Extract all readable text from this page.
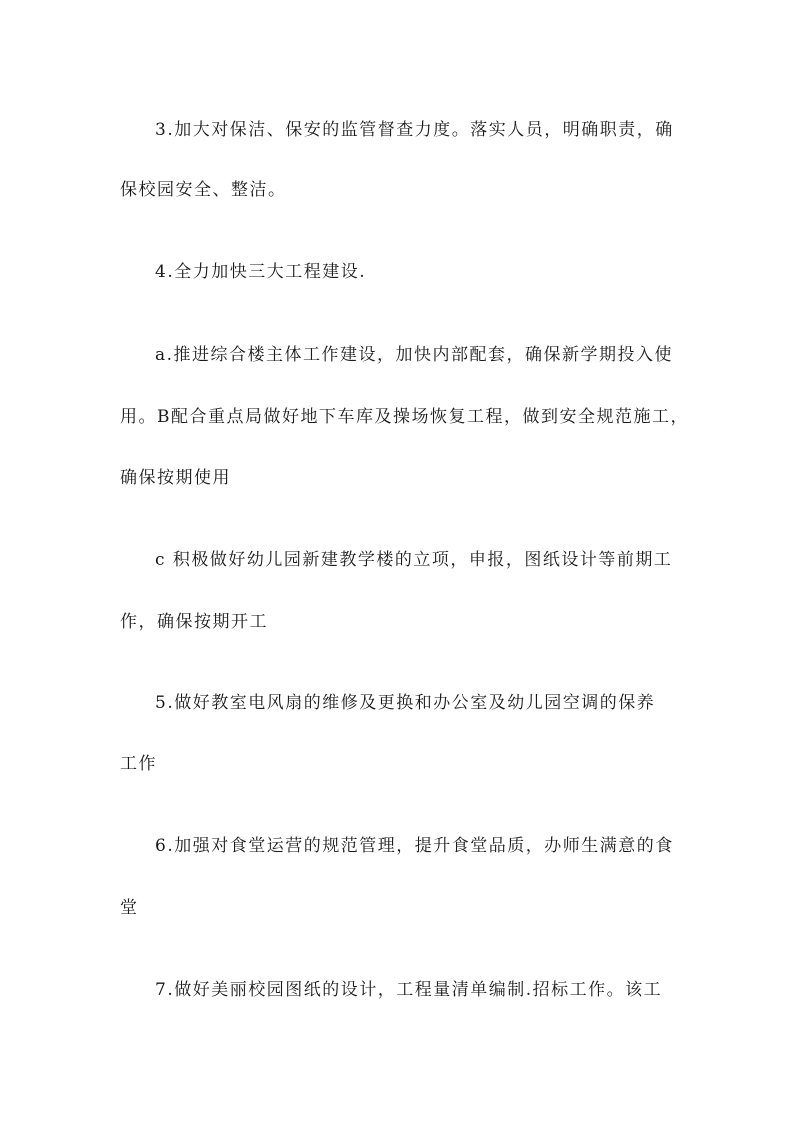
3.加大对保洁、保安的监管督查力度。落实人员，明确职责，确
保校园安全、整洁。
4.全力加快三大工程建设.
a.推进综合楼主体工作建设，加快内部配套，确保新学期投入使
用。B配合重点局做好地下车库及操场恢复工程，做到安全规范施工，
确保按期使用
c 积极做好幼儿园新建教学楼的立项，申报，图纸设计等前期工
作，确保按期开工
5.做好教室电风扇的维修及更换和办公室及幼儿园空调的保养
工作
6.加强对食堂运营的规范管理，提升食堂品质，办师生满意的食
堂
7.做好美丽校园图纸的设计，工程量清单编制.招标工作。该工
